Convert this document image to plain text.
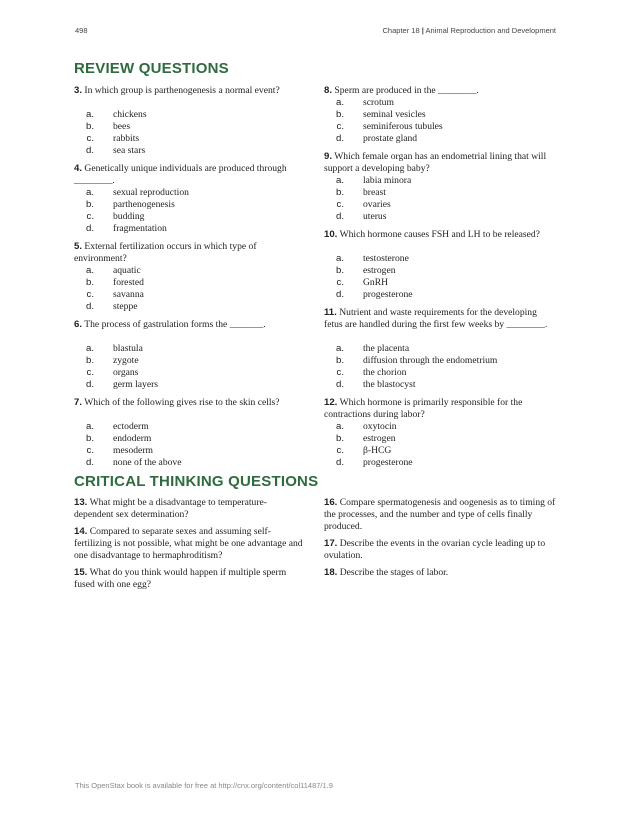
498	Chapter 18 | Animal Reproduction and Development
REVIEW QUESTIONS

3. In which group is parthenogenesis a normal event?

a.	chickens
b.	bees
c.	rabbits
d.	sea stars

4. Genetically unique individuals are produced through ________.

a.	sexual reproduction
b.	parthenogenesis
c.	budding
d.	fragmentation

5. External fertilization occurs in which type of environment?

a.	aquatic
b.	forested
c.	savanna
d.	steppe

6. The process of gastrulation forms the _______.

a.	blastula
b.	zygote
c.	organs
d.	germ layers

7. Which of the following gives rise to the skin cells?

a.	ectoderm
b.	endoderm
c.	mesoderm
d.	none of the above

8. Sperm are produced in the ________.

a.	scrotum
b.	seminal vesicles
c.	seminiferous tubules
d.	prostate gland

9. Which female organ has an endometrial lining that will support a developing baby?

a.	labia minora
b.	breast
c.	ovaries
d.	uterus

10. Which hormone causes FSH and LH to be released?

a.	testosterone
b.	estrogen
c.	GnRH
d.	progesterone

11. Nutrient and waste requirements for the developing fetus are handled during the first few weeks by ________.

a.	the placenta
b.	diffusion through the endometrium
c.	the chorion
d.	the blastocyst

12. Which hormone is primarily responsible for the contractions during labor?

a.	oxytocin
b.	estrogen
c.	β-HCG
d.	progesterone
CRITICAL THINKING QUESTIONS

13. What might be a disadvantage to temperature-dependent sex determination?

14. Compared to separate sexes and assuming self-fertilizing is not possible, what might be one advantage and one disadvantage to hermaphroditism?

15. What do you think would happen if multiple sperm fused with one egg?

16. Compare spermatogenesis and oogenesis as to timing of the processes, and the number and type of cells finally produced.

17. Describe the events in the ovarian cycle leading up to ovulation.

18. Describe the stages of labor.

This OpenStax book is available for free at http://cnx.org/content/col11487/1.9
